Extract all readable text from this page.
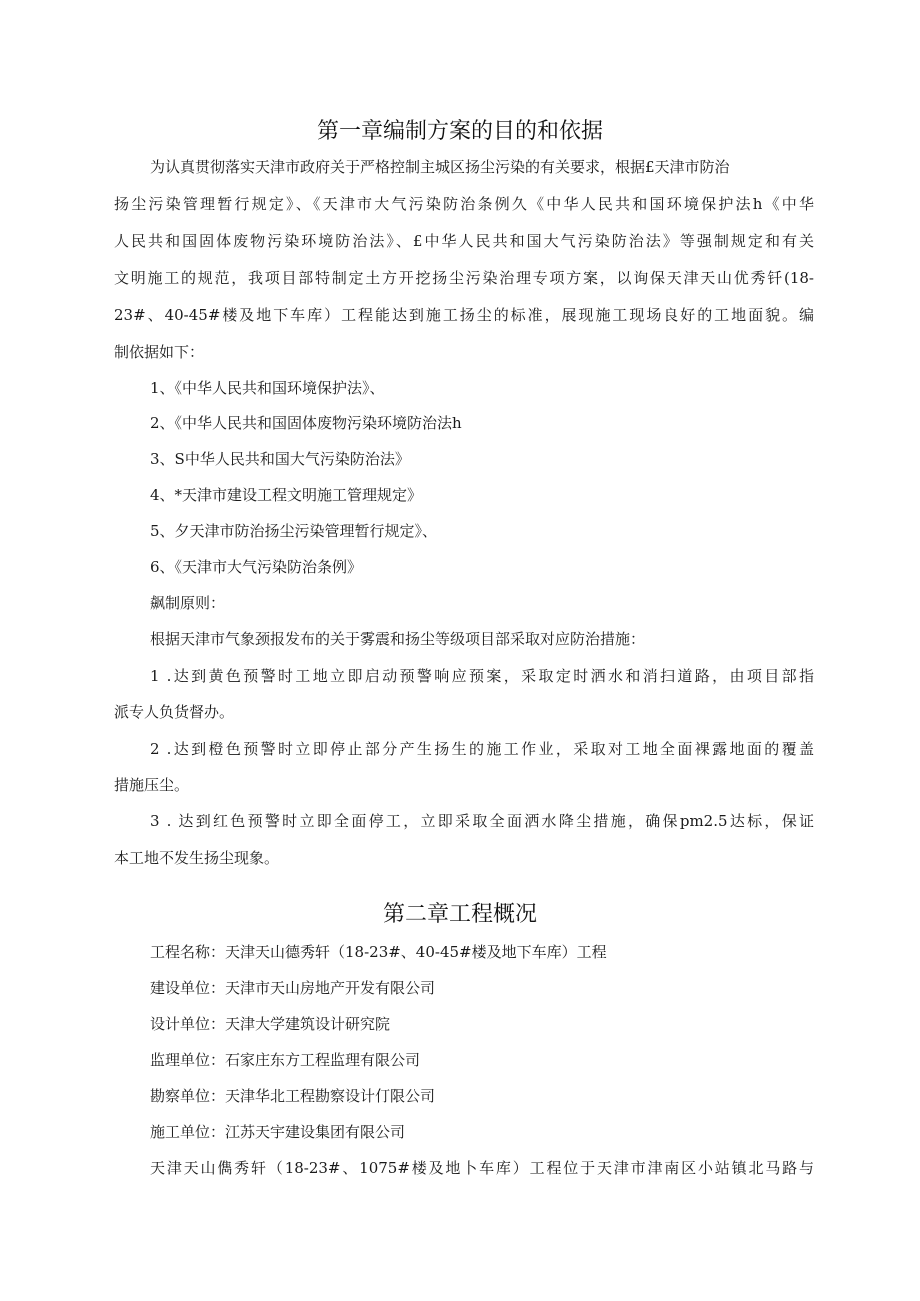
第一章编制方案的目的和依据

为认真贯彻落实天津市政府关于严格控制主城区扬尘污染的有关要求，根据£天津市防治

扬尘污染管理暂行规定》、《天津市大气污染防治条例久《中华人民共和国环境保护法h《中华

人民共和国固体废物污染环境防治法》、£中华人民共和国大气污染防治法》等强制规定和有关

文明施工的规范，我项目部特制定土方开挖扬尘污染治理专项方案，以询保天津天山优秀钎(18-

23#、40-45#楼及地下车库）工程能达到施工扬尘的标准，展现施工现场良好的工地面貌。编

制依据如下：

1、《中华人民共和国环境保护法》、

2、《中华人民共和国固体废物污染环境防治法h

3、S中华人民共和国大气污染防治法》

4、*天津市建设工程文明施工管理规定》

5、夕天津市防治扬尘污染管理暂行规定》、

6、《天津市大气污染防治条例》

飙制原则：

根据天津市气象颈报发布的关于雾震和扬尘等级项目部采取对应防治措施：

1 .达到黄色预警时工地立即启动预警响应预案，采取定时洒水和消扫道路，由项目部指

派专人负货督办。

2 .达到橙色预警时立即停止部分产生扬生的施工作业，采取对工地全面裸露地面的覆盖

措施压尘。

3 . 达到红色预警时立即全面停工，立即采取全面洒水降尘措施，确保pm2.5达标，保证

本工地不发生扬尘现象。

第二章工程概况

工程名称：天津天山德秀轩（18-23#、40-45#楼及地下车库）工程

建设单位：天津市天山房地产开发有限公司

设计单位：天津大学建筑设计研究院

监理单位：石家庄东方工程监理有限公司

勘察单位：天津华北工程勘察设计仃限公司

施工单位：江苏天宇建设集团有限公司

天津天山儁秀轩（18-23#、1075#楼及地卜车库）工程位于天津市津南区小站镇北马路与
